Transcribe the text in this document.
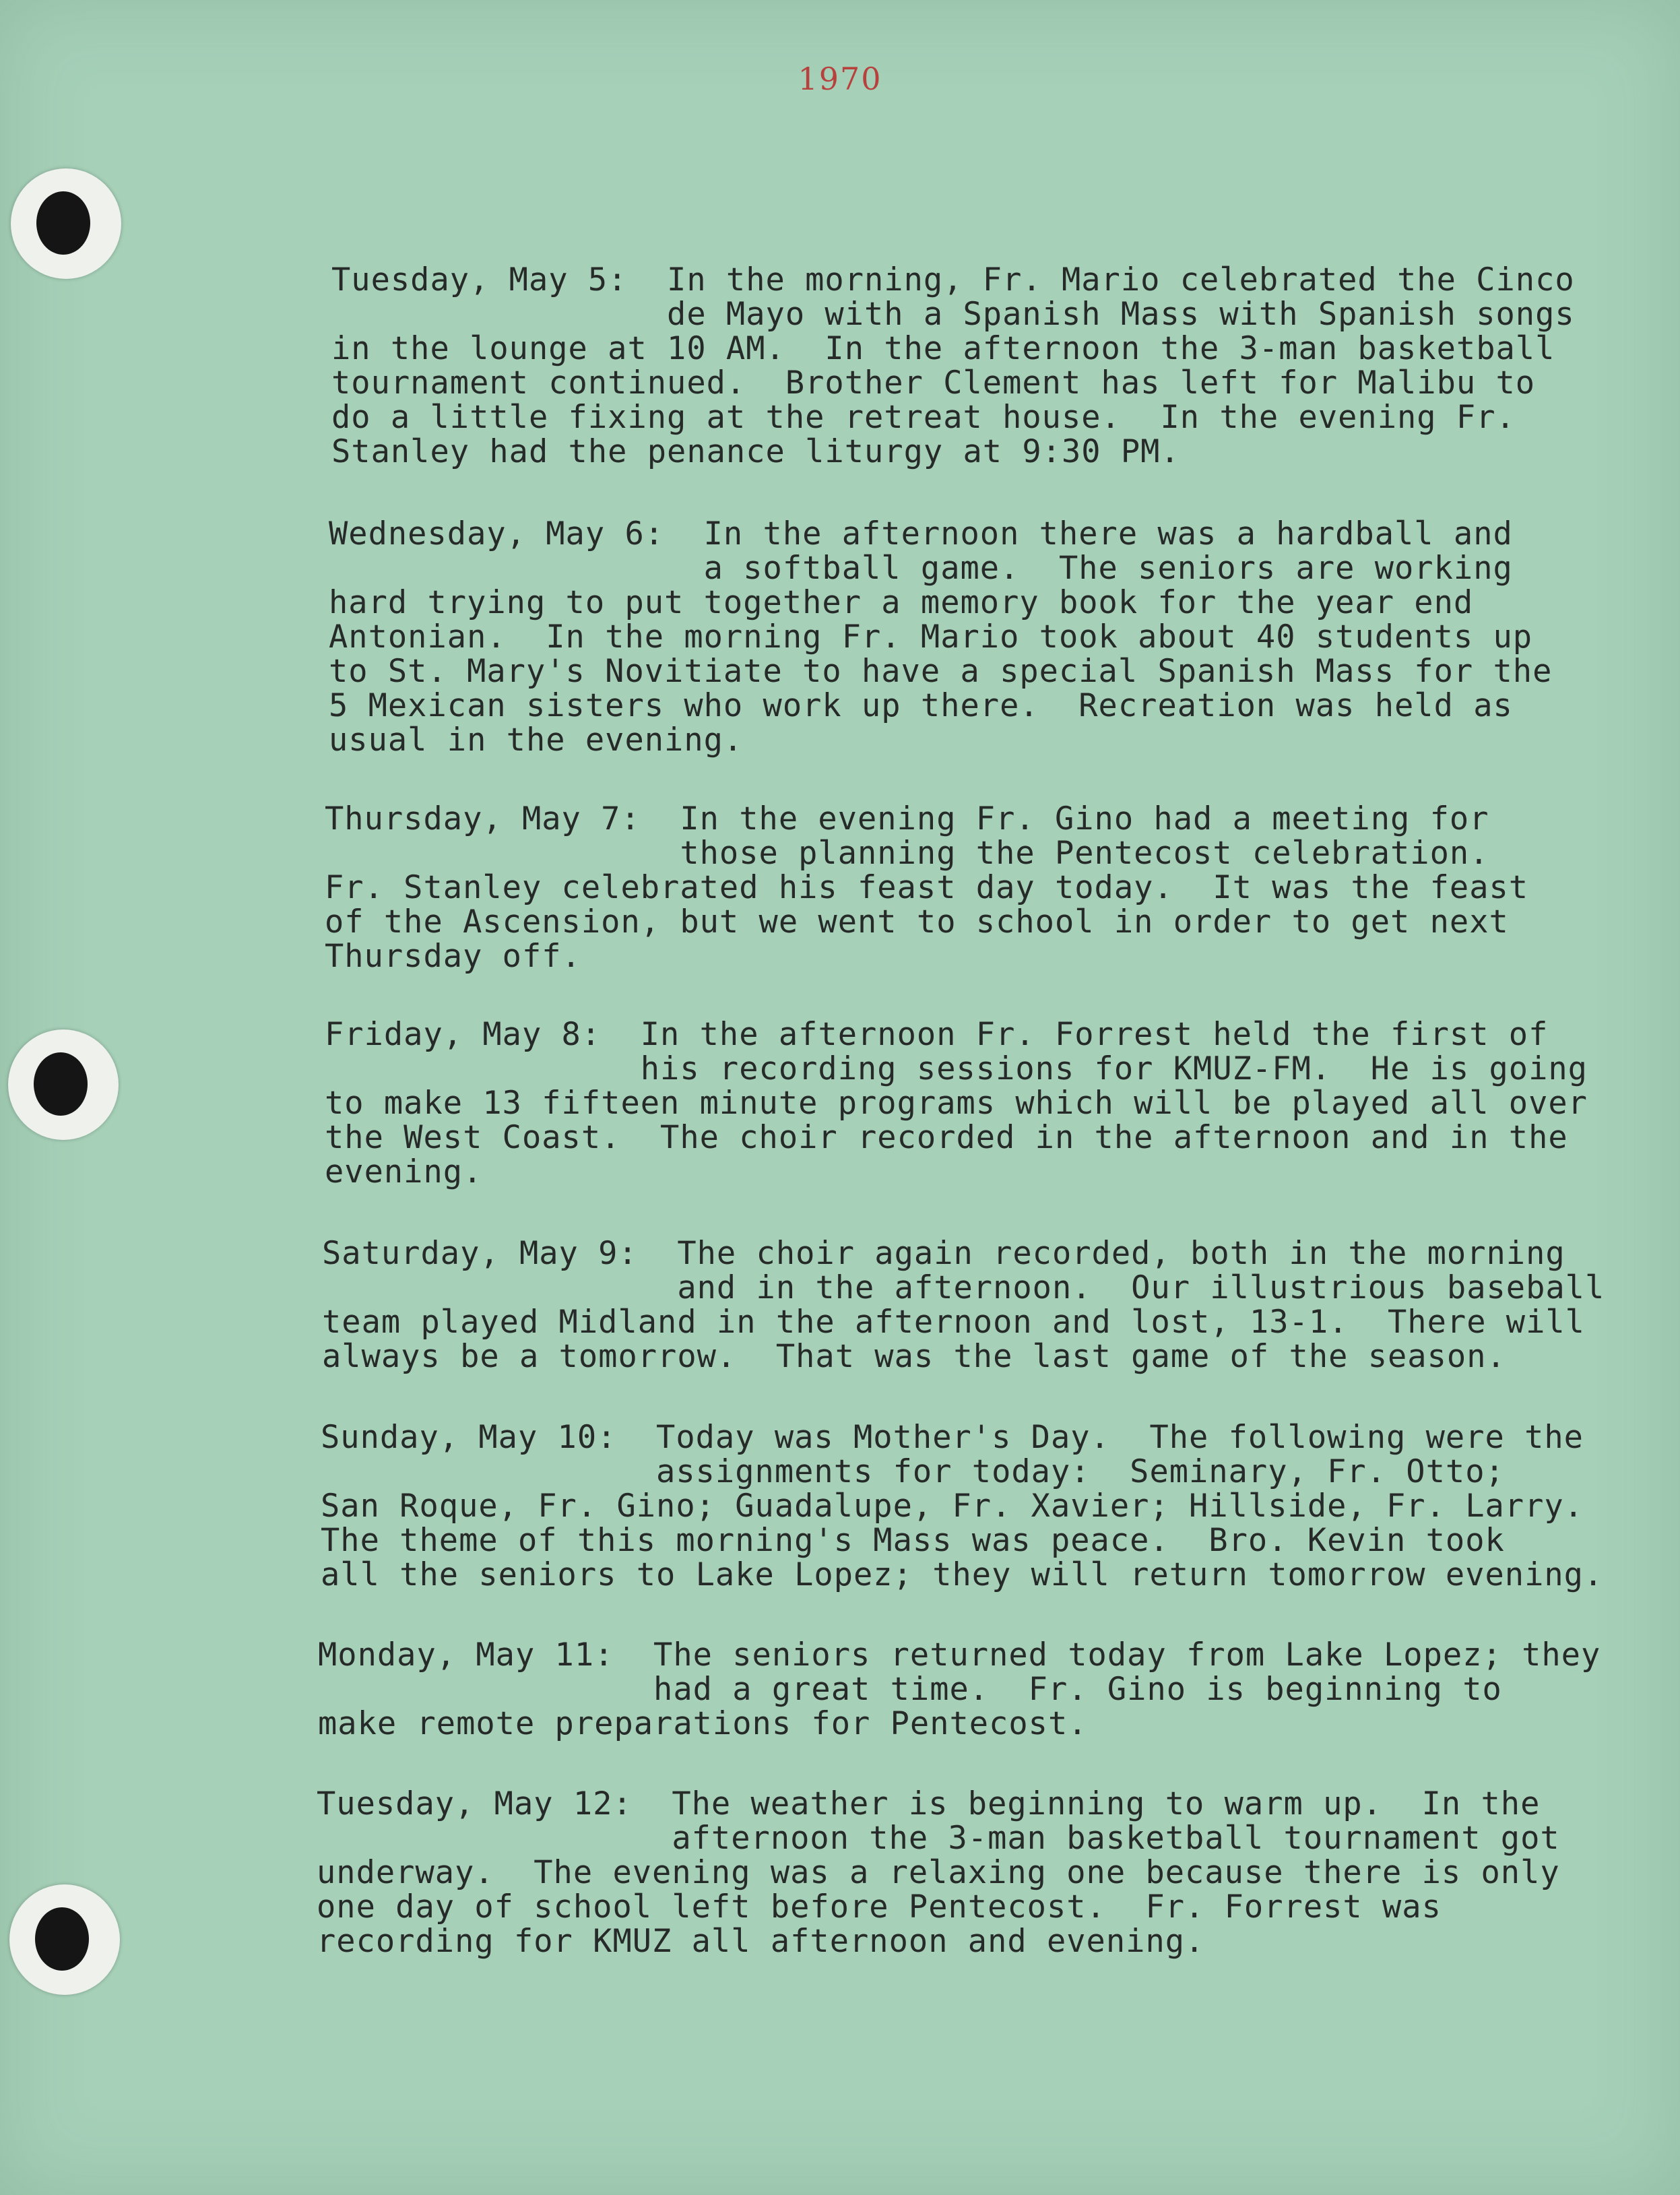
1970
Tuesday, May 5:  In the morning, Fr. Mario celebrated the Cinco
de Mayo with a Spanish Mass with Spanish songs
in the lounge at 10 AM.  In the afternoon the 3-man basketball
tournament continued.  Brother Clement has left for Malibu to
do a little fixing at the retreat house.  In the evening Fr.
Stanley had the penance liturgy at 9:30 PM.
Wednesday, May 6:  In the afternoon there was a hardball and
a softball game.  The seniors are working
hard trying to put together a memory book for the year end
Antonian.  In the morning Fr. Mario took about 40 students up
to St. Mary's Novitiate to have a special Spanish Mass for the
5 Mexican sisters who work up there.  Recreation was held as
usual in the evening.
Thursday, May 7:  In the evening Fr. Gino had a meeting for
those planning the Pentecost celebration.
Fr. Stanley celebrated his feast day today.  It was the feast
of the Ascension, but we went to school in order to get next
Thursday off.
Friday, May 8:  In the afternoon Fr. Forrest held the first of
his recording sessions for KMUZ-FM.  He is going
to make 13 fifteen minute programs which will be played all over
the West Coast.  The choir recorded in the afternoon and in the
evening.
Saturday, May 9:  The choir again recorded, both in the morning
and in the afternoon.  Our illustrious baseball
team played Midland in the afternoon and lost, 13-1.  There will
always be a tomorrow.  That was the last game of the season.
Sunday, May 10:  Today was Mother's Day.  The following were the
assignments for today:  Seminary, Fr. Otto;
San Roque, Fr. Gino; Guadalupe, Fr. Xavier; Hillside, Fr. Larry.
The theme of this morning's Mass was peace.  Bro. Kevin took
all the seniors to Lake Lopez; they will return tomorrow evening.
Monday, May 11:  The seniors returned today from Lake Lopez; they
had a great time.  Fr. Gino is beginning to
make remote preparations for Pentecost.
Tuesday, May 12:  The weather is beginning to warm up.  In the
afternoon the 3-man basketball tournament got
underway.  The evening was a relaxing one because there is only
one day of school left before Pentecost.  Fr. Forrest was
recording for KMUZ all afternoon and evening.
